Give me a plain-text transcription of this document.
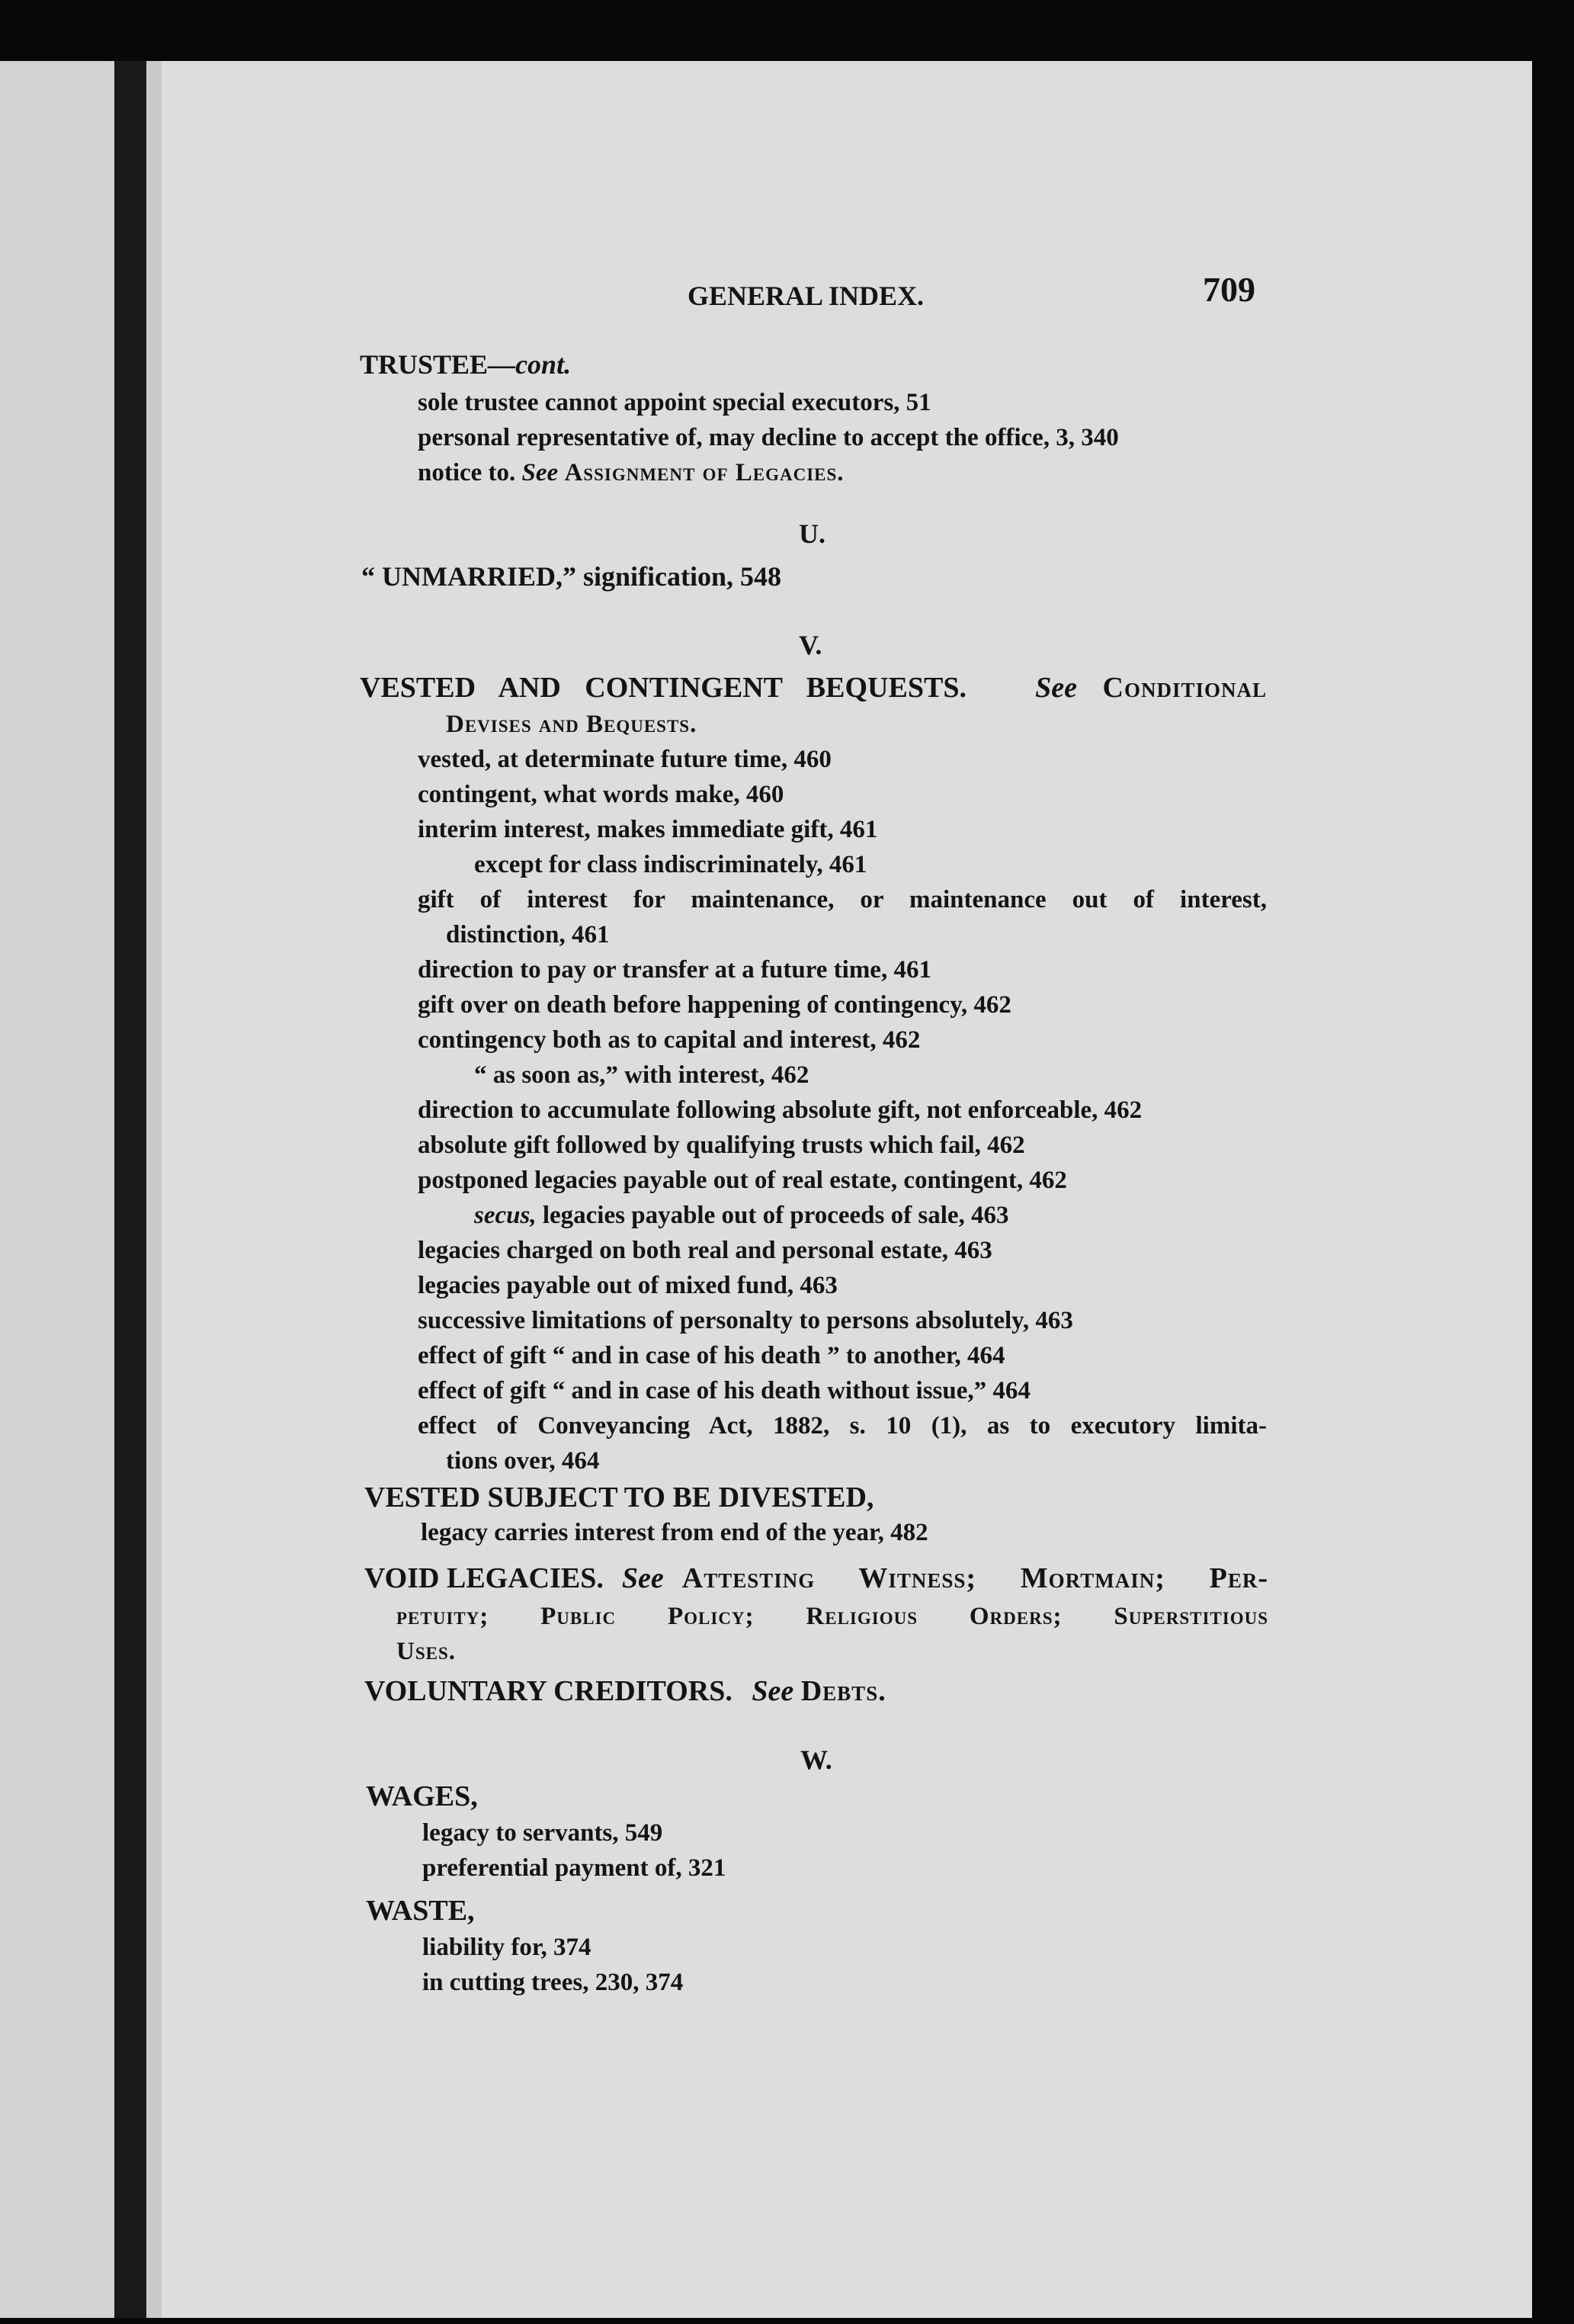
GENERAL INDEX.	709
TRUSTEE—cont.
sole trustee cannot appoint special executors, 51
personal representative of, may decline to accept the office, 3, 340
notice to. See Assignment of Legacies.
U.
“ UNMARRIED,” signification, 548
V.
VESTED AND CONTINGENT BEQUESTS. See Conditional
Devises and Bequests.
vested, at determinate future time, 460
contingent, what words make, 460
interim interest, makes immediate gift, 461
except for class indiscriminately, 461
gift of interest for maintenance, or maintenance out of interest,
distinction, 461
direction to pay or transfer at a future time, 461
gift over on death before happening of contingency, 462
contingency both as to capital and interest, 462
“ as soon as,” with interest, 462
direction to accumulate following absolute gift, not enforceable, 462
absolute gift followed by qualifying trusts which fail, 462
postponed legacies payable out of real estate, contingent, 462
secus, legacies payable out of proceeds of sale, 463
legacies charged on both real and personal estate, 463
legacies payable out of mixed fund, 463
successive limitations of personalty to persons absolutely, 463
effect of gift “ and in case of his death ” to another, 464
effect of gift “ and in case of his death without issue,” 464
effect of Conveyancing Act, 1882, s. 10 (1), as to executory limita-
tions over, 464
VESTED SUBJECT TO BE DIVESTED,
legacy carries interest from end of the year, 482
VOID LEGACIES. See Attesting Witness; Mortmain; Per-
petuity; Public Policy; Religious Orders; Superstitious
Uses.
VOLUNTARY CREDITORS. See Debts.
W.
WAGES,
legacy to servants, 549
preferential payment of, 321
WASTE,
liability for, 374
in cutting trees, 230, 374
